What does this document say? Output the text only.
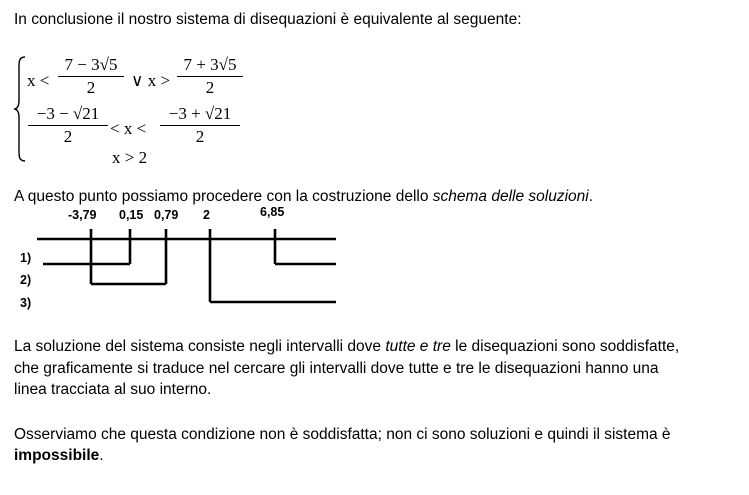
In conclusione il nostro sistema di disequazioni è equivalente al seguente:

$x < \frac{7 - 3√5}{2}$ ∨ $x > \frac{7 + 3√5}{2}$
$\frac{-3 - √21}{2} < x < \frac{-3 + √21}{2}$
x > 2

A questo punto possiamo procedere con la costruzione dello schema delle soluzioni.

-3,79 0,15 0,79 2	6,85
1)
2)
3)

La soluzione del sistema consiste negli intervalli dove tutte e tre le disequazioni sono soddisfatte,

che graficamente si traduce nel cercare gli intervalli dove tutte e tre le disequazioni hanno una

linea tracciata al suo interno.

Osserviamo che questa condizione non è soddisfatta; non ci sono soluzioni e quindi il sistema è

impossibile.
